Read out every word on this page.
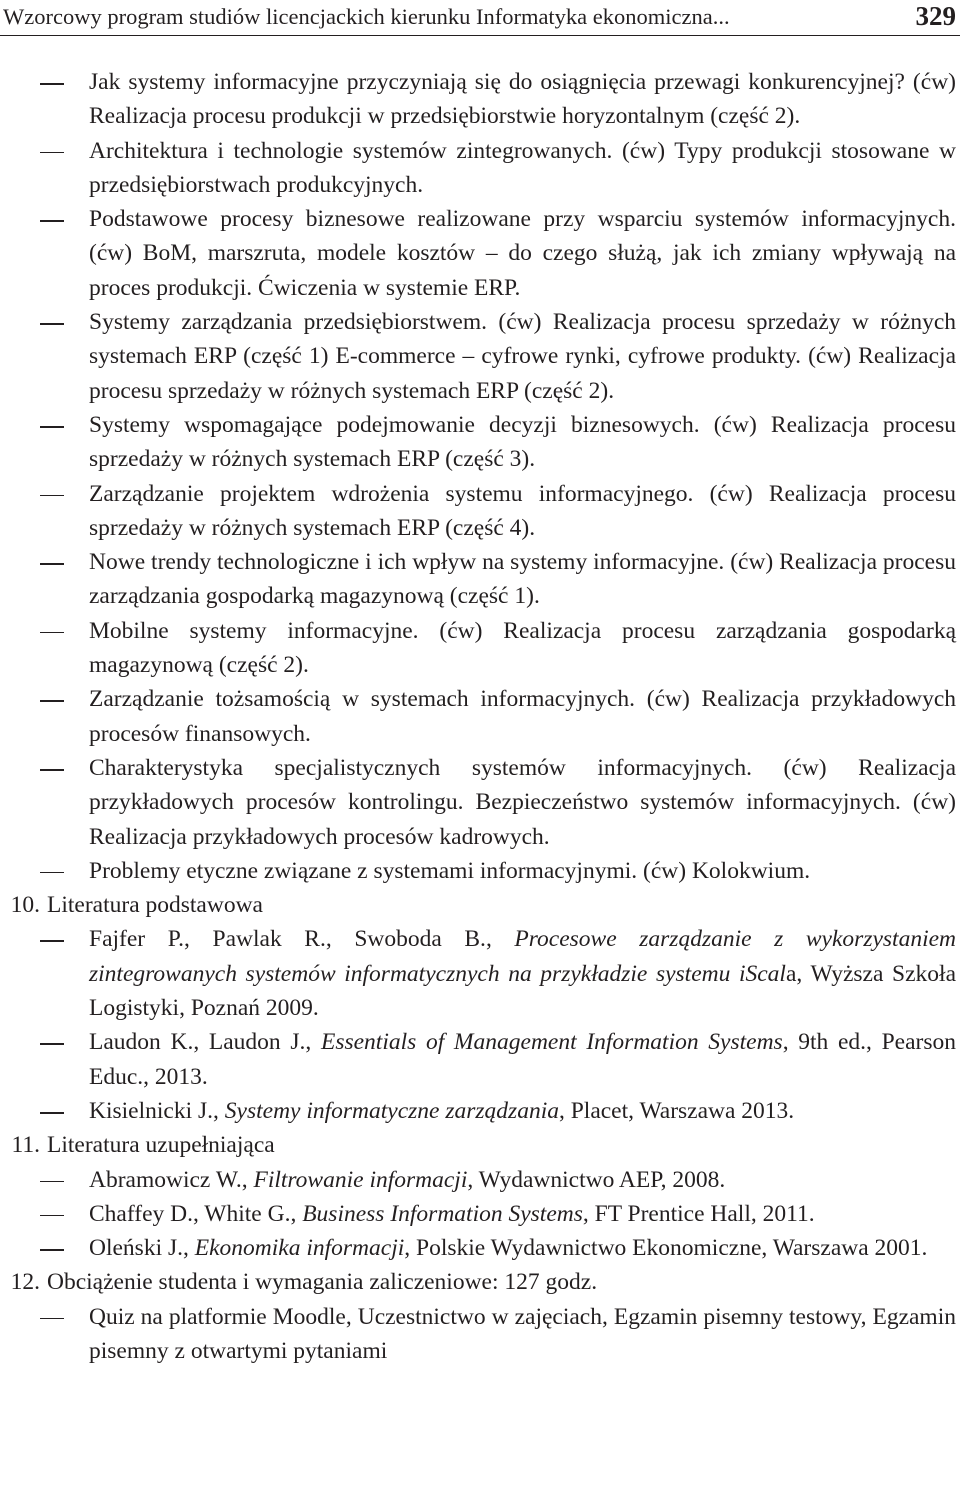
Wzorcowy program studiów licencjackich kierunku Informatyka ekonomiczna...	329
Jak systemy informacyjne przyczyniają się do osiągnięcia przewagi konkurencyjnej? (ćw) Realizacja procesu produkcji w przedsiębiorstwie horyzontalnym (część 2).
Architektura i technologie systemów zintegrowanych. (ćw) Typy produkcji stosowane w przedsiębiorstwach produkcyjnych.
Podstawowe procesy biznesowe realizowane przy wsparciu systemów informacyjnych. (ćw) BoM, marszruta, modele kosztów – do czego służą, jak ich zmiany wpływają na proces produkcji. Ćwiczenia w systemie ERP.
Systemy zarządzania przedsiębiorstwem. (ćw) Realizacja procesu sprzedaży w różnych systemach ERP (część 1) E-commerce – cyfrowe rynki, cyfrowe produkty. (ćw) Realizacja procesu sprzedaży w różnych systemach ERP (część 2).
Systemy wspomagające podejmowanie decyzji biznesowych. (ćw) Realizacja procesu sprzedaży w różnych systemach ERP (część 3).
Zarządzanie projektem wdrożenia systemu informacyjnego. (ćw) Realizacja procesu sprzedaży w różnych systemach ERP (część 4).
Nowe trendy technologiczne i ich wpływ na systemy informacyjne. (ćw) Realizacja procesu zarządzania gospodarką magazynową (część 1).
Mobilne systemy informacyjne. (ćw) Realizacja procesu zarządzania gospodarką magazynową (część 2).
Zarządzanie tożsamością w systemach informacyjnych. (ćw) Realizacja przykładowych procesów finansowych.
Charakterystyka specjalistycznych systemów informacyjnych. (ćw) Realizacja przykładowych procesów kontrolingu. Bezpieczeństwo systemów informacyjnych. (ćw) Realizacja przykładowych procesów kadrowych.
Problemy etyczne związane z systemami informacyjnymi. (ćw) Kolokwium.
10. Literatura podstawowa
Fajfer P., Pawlak R., Swoboda B., Procesowe zarządzanie z wykorzystaniem zintegrowanych systemów informatycznych na przykładzie systemu iScala, Wyższa Szkoła Logistyki, Poznań 2009.
Laudon K., Laudon J., Essentials of Management Information Systems, 9th ed., Pearson Educ., 2013.
Kisielnicki J., Systemy informatyczne zarządzania, Placet, Warszawa 2013.
11. Literatura uzupełniająca
Abramowicz W., Filtrowanie informacji, Wydawnictwo AEP, 2008.
Chaffey D., White G., Business Information Systems, FT Prentice Hall, 2011.
Oleński J., Ekonomika informacji, Polskie Wydawnictwo Ekonomiczne, Warszawa 2001.
12. Obciążenie studenta i wymagania zaliczeniowe: 127 godz.
Quiz na platformie Moodle, Uczestnictwo w zajęciach, Egzamin pisemny testowy, Egzamin pisemny z otwartymi pytaniami
